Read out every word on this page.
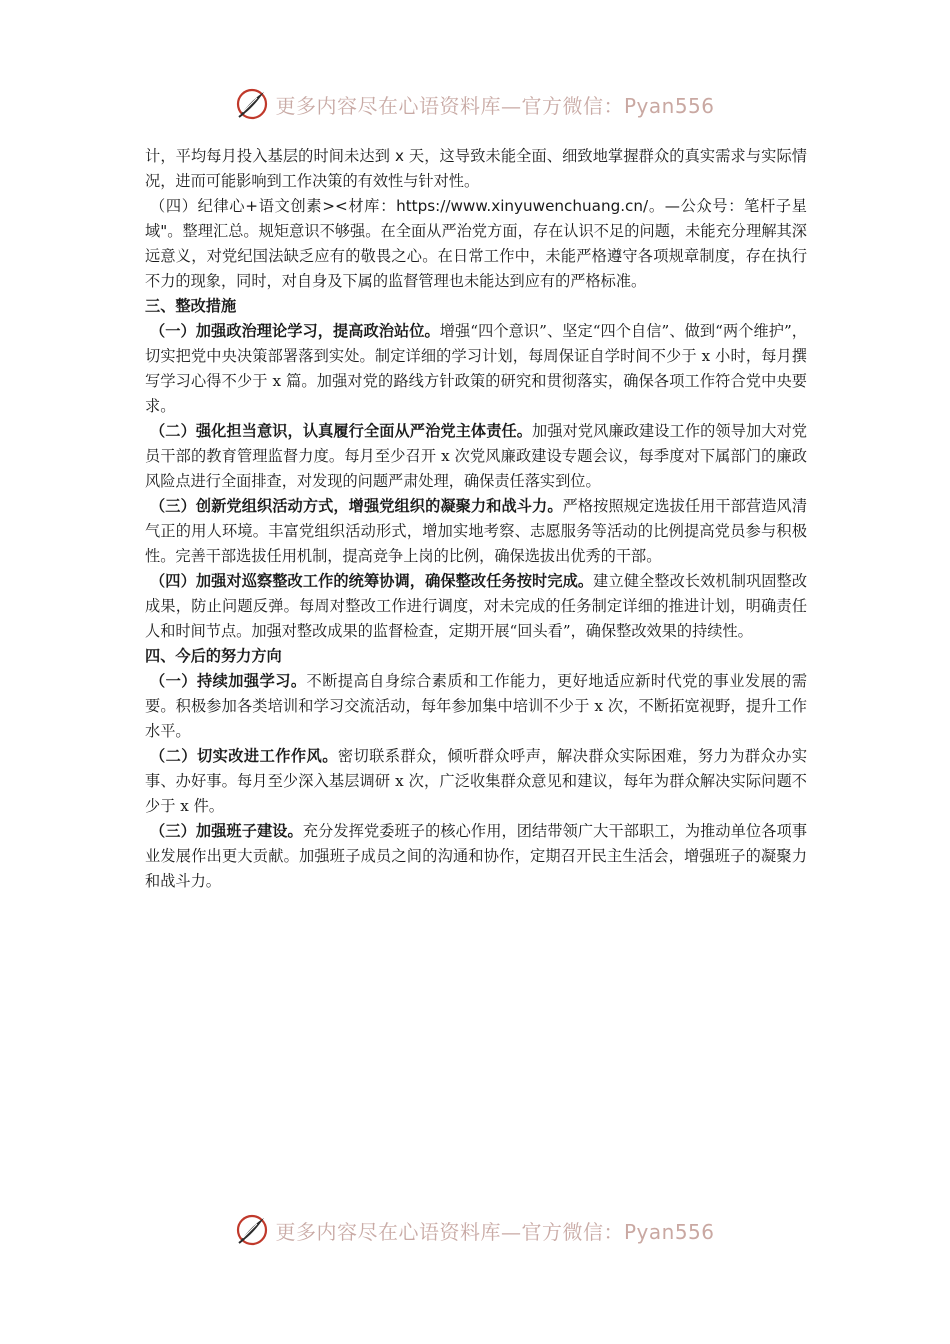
更多内容尽在心语资料库—官方微信：Pyan556

计，平均每月投入基层的时间未达到 x 天，这导致未能全面、细致地掌握群众的真实需求与实际情况，进而可能影响到工作决策的有效性与针对性。

（四）纪律心+语文创素><材库：https://www.xinyuwenchuang.cn/。—公众号：笔杆子星域"。整理汇总。规矩意识不够强。在全面从严治党方面，存在认识不足的问题，未能充分理解其深远意义，对党纪国法缺乏应有的敬畏之心。在日常工作中，未能严格遵守各项规章制度，存在执行不力的现象，同时，对自身及下属的监督管理也未能达到应有的严格标准。

三、整改措施

（一）加强政治理论学习，提高政治站位。增强“四个意识”、坚定“四个自信”、做到“两个维护”，切实把党中央决策部署落到实处。制定详细的学习计划，每周保证自学时间不少于 x 小时，每月撰写学习心得不少于 x 篇。加强对党的路线方针政策的研究和贯彻落实，确保各项工作符合党中央要求。

（二）强化担当意识，认真履行全面从严治党主体责任。加强对党风廉政建设工作的领导加大对党员干部的教育管理监督力度。每月至少召开 x 次党风廉政建设专题会议，每季度对下属部门的廉政风险点进行全面排查，对发现的问题严肃处理，确保责任落实到位。

（三）创新党组织活动方式，增强党组织的凝聚力和战斗力。严格按照规定选拔任用干部营造风清气正的用人环境。丰富党组织活动形式，增加实地考察、志愿服务等活动的比例提高党员参与积极性。完善干部选拔任用机制，提高竞争上岗的比例，确保选拔出优秀的干部。

（四）加强对巡察整改工作的统筹协调，确保整改任务按时完成。建立健全整改长效机制巩固整改成果，防止问题反弹。每周对整改工作进行调度，对未完成的任务制定详细的推进计划，明确责任人和时间节点。加强对整改成果的监督检查，定期开展“回头看”，确保整改效果的持续性。

四、今后的努力方向

（一）持续加强学习。不断提高自身综合素质和工作能力，更好地适应新时代党的事业发展的需要。积极参加各类培训和学习交流活动，每年参加集中培训不少于 x 次，不断拓宽视野，提升工作水平。

（二）切实改进工作作风。密切联系群众，倾听群众呼声，解决群众实际困难，努力为群众办实事、办好事。每月至少深入基层调研 x 次，广泛收集群众意见和建议，每年为群众解决实际问题不少于 x 件。

（三）加强班子建设。充分发挥党委班子的核心作用，团结带领广大干部职工，为推动单位各项事业发展作出更大贡献。加强班子成员之间的沟通和协作，定期召开民主生活会，增强班子的凝聚力和战斗力。

更多内容尽在心语资料库—官方微信：Pyan556
